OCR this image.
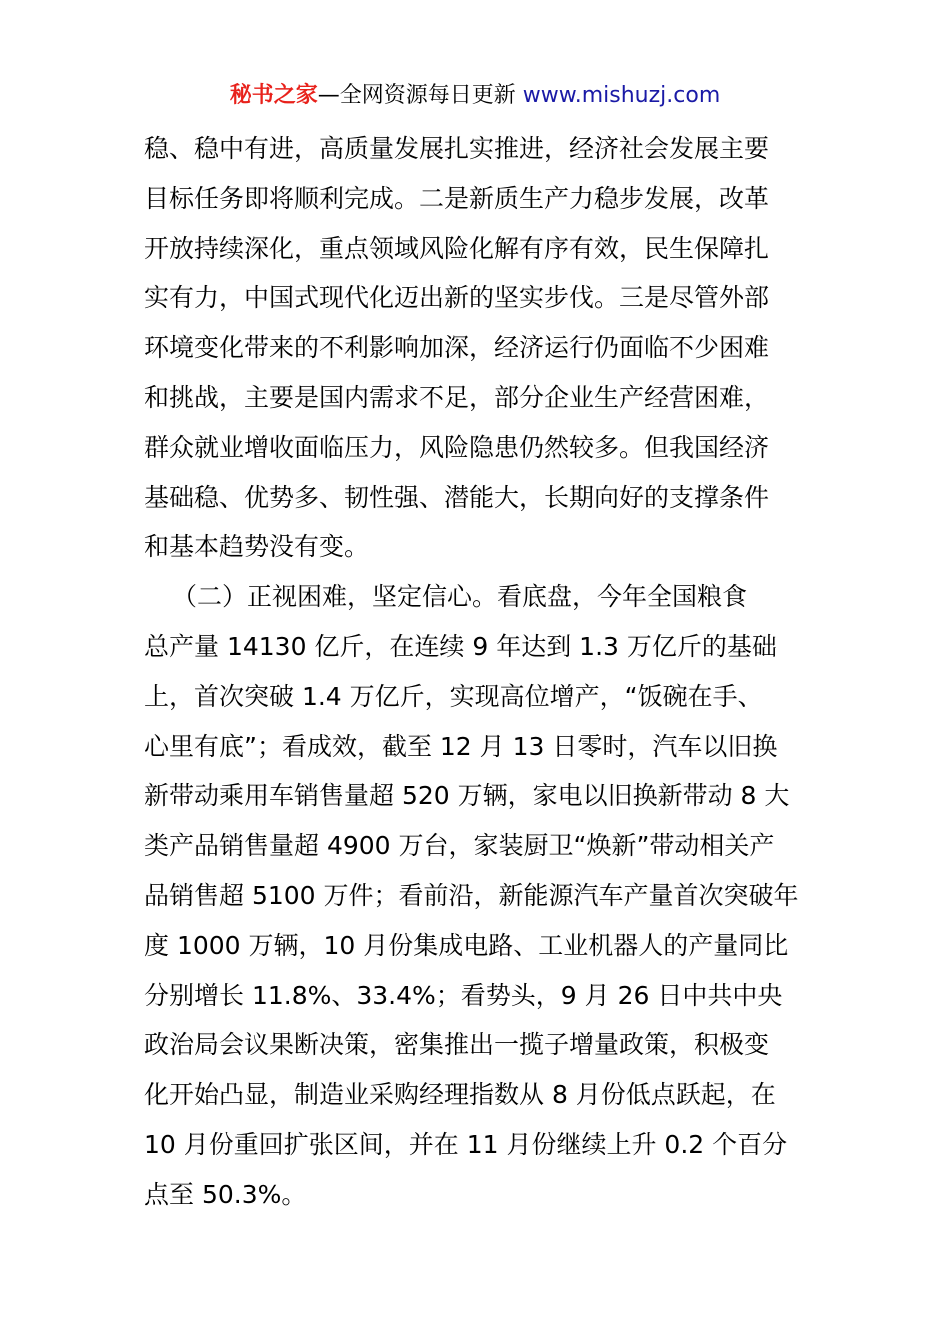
秘书之家—全网资源每日更新 www.mishuzj.com
稳、稳中有进，高质量发展扎实推进，经济社会发展主要
目标任务即将顺利完成。二是新质生产力稳步发展，改革
开放持续深化，重点领域风险化解有序有效，民生保障扎
实有力，中国式现代化迈出新的坚实步伐。三是尽管外部
环境变化带来的不利影响加深，经济运行仍面临不少困难
和挑战，主要是国内需求不足，部分企业生产经营困难，
群众就业增收面临压力，风险隐患仍然较多。但我国经济
基础稳、优势多、韧性强、潜能大，长期向好的支撑条件
和基本趋势没有变。
（二）正视困难，坚定信心。看底盘，今年全国粮食
总产量 14130 亿斤，在连续 9 年达到 1.3 万亿斤的基础
上，首次突破 1.4 万亿斤，实现高位增产，“饭碗在手、
心里有底”；看成效，截至 12 月 13 日零时，汽车以旧换
新带动乘用车销售量超 520 万辆，家电以旧换新带动 8 大
类产品销售量超 4900 万台，家装厨卫“焕新”带动相关产
品销售超 5100 万件；看前沿，新能源汽车产量首次突破年
度 1000 万辆，10 月份集成电路、工业机器人的产量同比
分别增长 11.8%、33.4%；看势头，9 月 26 日中共中央
政治局会议果断决策，密集推出一揽子增量政策，积极变
化开始凸显，制造业采购经理指数从 8 月份低点跃起，在
10 月份重回扩张区间，并在 11 月份继续上升 0.2 个百分
点至 50.3%。
